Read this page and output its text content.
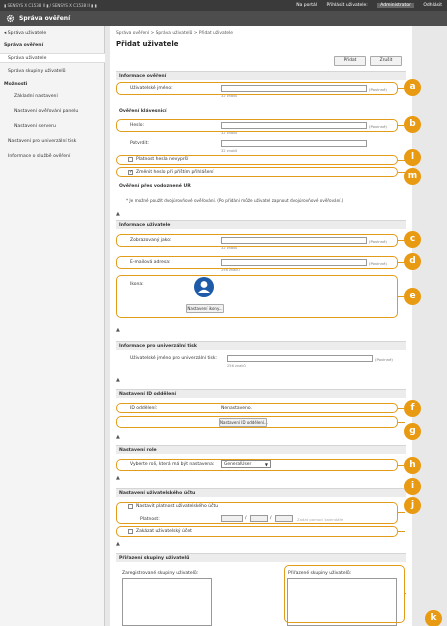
▮ SENSYS X C1538 II ▮ / SENSYS X C1538 II ▮ ▮	Na portál Přihlásit uživatele:	Administrator	Odhlásit
Správa ověření
◂ Správa uživatele
Správa ověření
Správa uživatele
Správa skupiny uživatelů
Možnosti
Základní nastavení
Nastavení ověřování panelu
Nastavení serveru
Nastavení pro univerzální tisk
Informace o službě ověření
Správa ověření > Správa uživatelů > Přidat uživatele
Přidat uživatele
Přidat	Zrušit
Informace ověření
Uživatelské jméno:	(Povinné)
32 znaků
Ověření klávesnicí
Heslo:	(Povinné)
32 znaků
Potvrdit:
32 znaků
Platnost hesla nevyprší
✓ Změnit heslo při příštím přihlášení
Ověření přes vodoznené UR
* Je možné použít dvojúrovňové ověřování. (Po přidání může uživatel zapnout dvojúrovňové ověřování.)
▲
Informace uživatele
Zobrazovaný jako:	(Povinné)
32 znaků
E-mailová adresa:	(Povinné)
256 znaků
Ikona:
Nastavení ikony...
▲
Informace pro univerzální tisk
Uživatelské jméno pro univerzální tisk:	(Povinné)
256 znaků
▲
Nastavení ID oddělení
ID oddělení:	Nenastaveno.
Nastavení ID oddělení...
▲
Nastavení role
Vyberte roli, která má být nastavena:	GeneralUser	▼
▲
Nastavení uživatelského účtu
Nastavit platnost uživatelského účtu
Platnost:	/	/	Zadat pomocí kalendáře
Zakázat uživatelský účet
▲
Přiřazení skupiny uživatelů
Zaregistrované skupiny uživatelů:	Přiřazené skupiny uživatelů:
a
b
l
m
c
d
e
f
g
h
i
j
k
